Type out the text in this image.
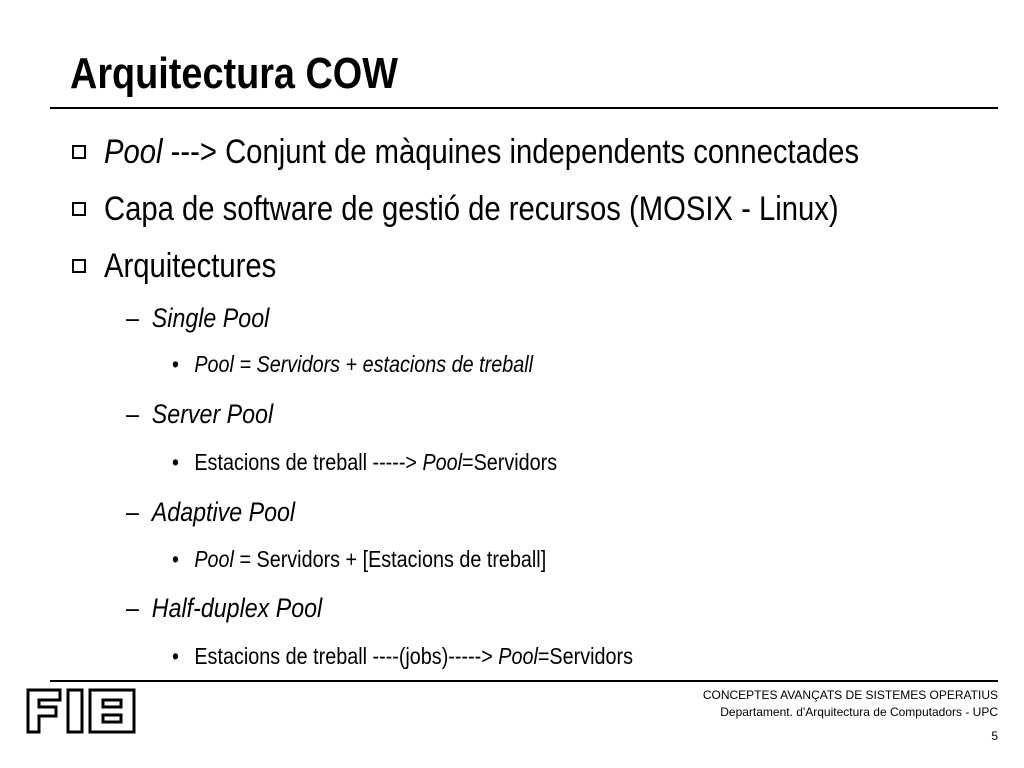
Arquitectura COW
Pool ---> Conjunt de màquines independents connectades
Capa de software de gestió de recursos (MOSIX - Linux)
Arquitectures
– Single Pool
• Pool = Servidors + estacions de treball
– Server Pool
• Estacions de treball -----> Pool=Servidors
– Adaptive Pool
• Pool = Servidors + [Estacions de treball]
– Half-duplex Pool
• Estacions de treball ----(jobs)-----> Pool=Servidors
CONCEPTES AVANÇATS DE SISTEMES OPERATIUS
Departament. d'Arquitectura de Computadors - UPC
5
